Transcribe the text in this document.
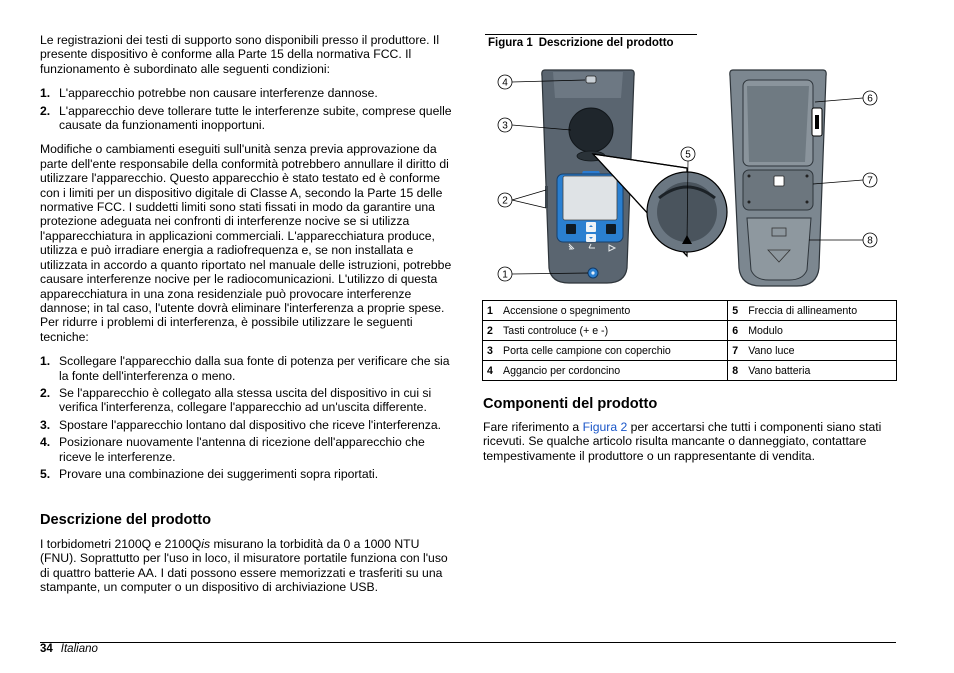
Le registrazioni dei testi di supporto sono disponibili presso il produttore. Il presente dispositivo è conforme alla Parte 15 della normativa FCC. Il funzionamento è subordinato alle seguenti condizioni:

1. L'apparecchio potrebbe non causare interferenze dannose.
2. L'apparecchio deve tollerare tutte le interferenze subite, comprese quelle causate da funzionamenti inopportuni.

Modifiche o cambiamenti eseguiti sull'unità senza previa approvazione da parte dell'ente responsabile della conformità potrebbero annullare il diritto di utilizzare l'apparecchio. Questo apparecchio è stato testato ed è conforme con i limiti per un dispositivo digitale di Classe A, secondo la Parte 15 delle normative FCC. I suddetti limiti sono stati fissati in modo da garantire una protezione adeguata nei confronti di interferenze nocive se si utilizza l'apparecchiatura in applicazioni commerciali. L'apparecchiatura produce, utilizza e può irradiare energia a radiofrequenza e, se non installata e utilizzata in accordo a quanto riportato nel manuale delle istruzioni, potrebbe causare interferenze nocive per le radiocomunicazioni. L'utilizzo di questa apparecchiatura in una zona residenziale può provocare interferenze dannose; in tal caso, l'utente dovrà eliminare l'interferenza a proprie spese. Per ridurre i problemi di interferenza, è possibile utilizzare le seguenti tecniche:

1. Scollegare l'apparecchio dalla sua fonte di potenza per verificare che sia la fonte dell'interferenza o meno.
2. Se l'apparecchio è collegato alla stessa uscita del dispositivo in cui si verifica l'interferenza, collegare l'apparecchio ad un'uscita differente.
3. Spostare l'apparecchio lontano dal dispositivo che riceve l'interferenza.
4. Posizionare nuovamente l'antenna di ricezione dell'apparecchio che riceve le interferenze.
5. Provare una combinazione dei suggerimenti sopra riportati.
Descrizione del prodotto

I torbidometri 2100Q e 2100Qis misurano la torbidità da 0 a 1000 NTU (FNU). Soprattutto per l'uso in loco, il misuratore portatile funziona con l'uso di quattro batterie AA. I dati possono essere memorizzati e trasferiti su una stampante, un computer o un dispositivo di archiviazione USB.

Figura 1 Descrizione del prodotto
4
3
2
1
5
6
7
8
1	Accensione o spegnimento	5	Freccia di allineamento
2	Tasti controluce (+ e -)	6	Modulo
3	Porta celle campione con coperchio	7	Vano luce
4	Aggancio per cordoncino	8	Vano batteria
Componenti del prodotto

Fare riferimento a Figura 2 per accertarsi che tutti i componenti siano stati ricevuti. Se qualche articolo risulta mancante o danneggiato, contattare tempestivamente il produttore o un rappresentante di vendita.

34 Italiano
